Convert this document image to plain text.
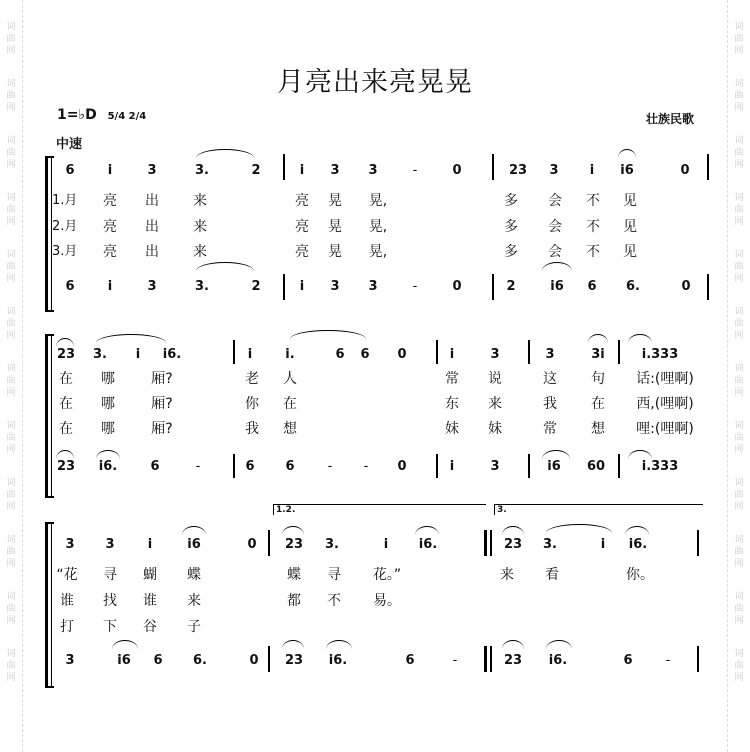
词
曲
网
词
曲
网
词
曲
网
词
曲
网
词
曲
网
词
曲
网
词
曲
网
词
曲
网
词
曲
网
词
曲
网
词
曲
网
词
曲
网
词
曲
网
词
曲
网
词
曲
网
词
曲
网
词
曲
网
词
曲
网
词
曲
网
词
曲
网
词
曲
网
词
曲
网
词
曲
网
词
曲
网
月亮出来亮晃晃
1=♭D 5/4 2/4
中速
壮族民歌
6	i	3	3.	2	i 3 3	-	0	23 3 i i6	0
1.月 亮 出 来	亮 晃 晃,	多 会 不 见
2.月 亮 出 来	亮 晃 晃,	多 会 不 见
3.月 亮 出 来	亮 晃 晃,	多 会 不 见
6	i	3	3.	2	i 3 3	-	0	2	i6 6 6.	0
23 3. i i6.	i	i.	6 6 0	i	3	3	3i	i.333
在 哪	厢?	老 人	常 说	这 句 话:(哩啊)
在 哪	厢?	你 在	东 来	我 在 西,(哩啊)
在 哪	厢?	我 想	妹 妹	常 想 哩:(哩啊)
23 i6.	6	-	6 6	- - 0	i	3	i6 60	i.333
1.2.	3.
3 3	i	i6	0 23 3.	i i6.	23 3.	i i6.
“花 寻 蝴 蝶	蝶 寻 花。”	来 看	你。
谁 找 谁 来	都 不 易。
打 下 谷 子
3	i6 6 6.	0 23 i6.	6	-	23 i6.	6	-
